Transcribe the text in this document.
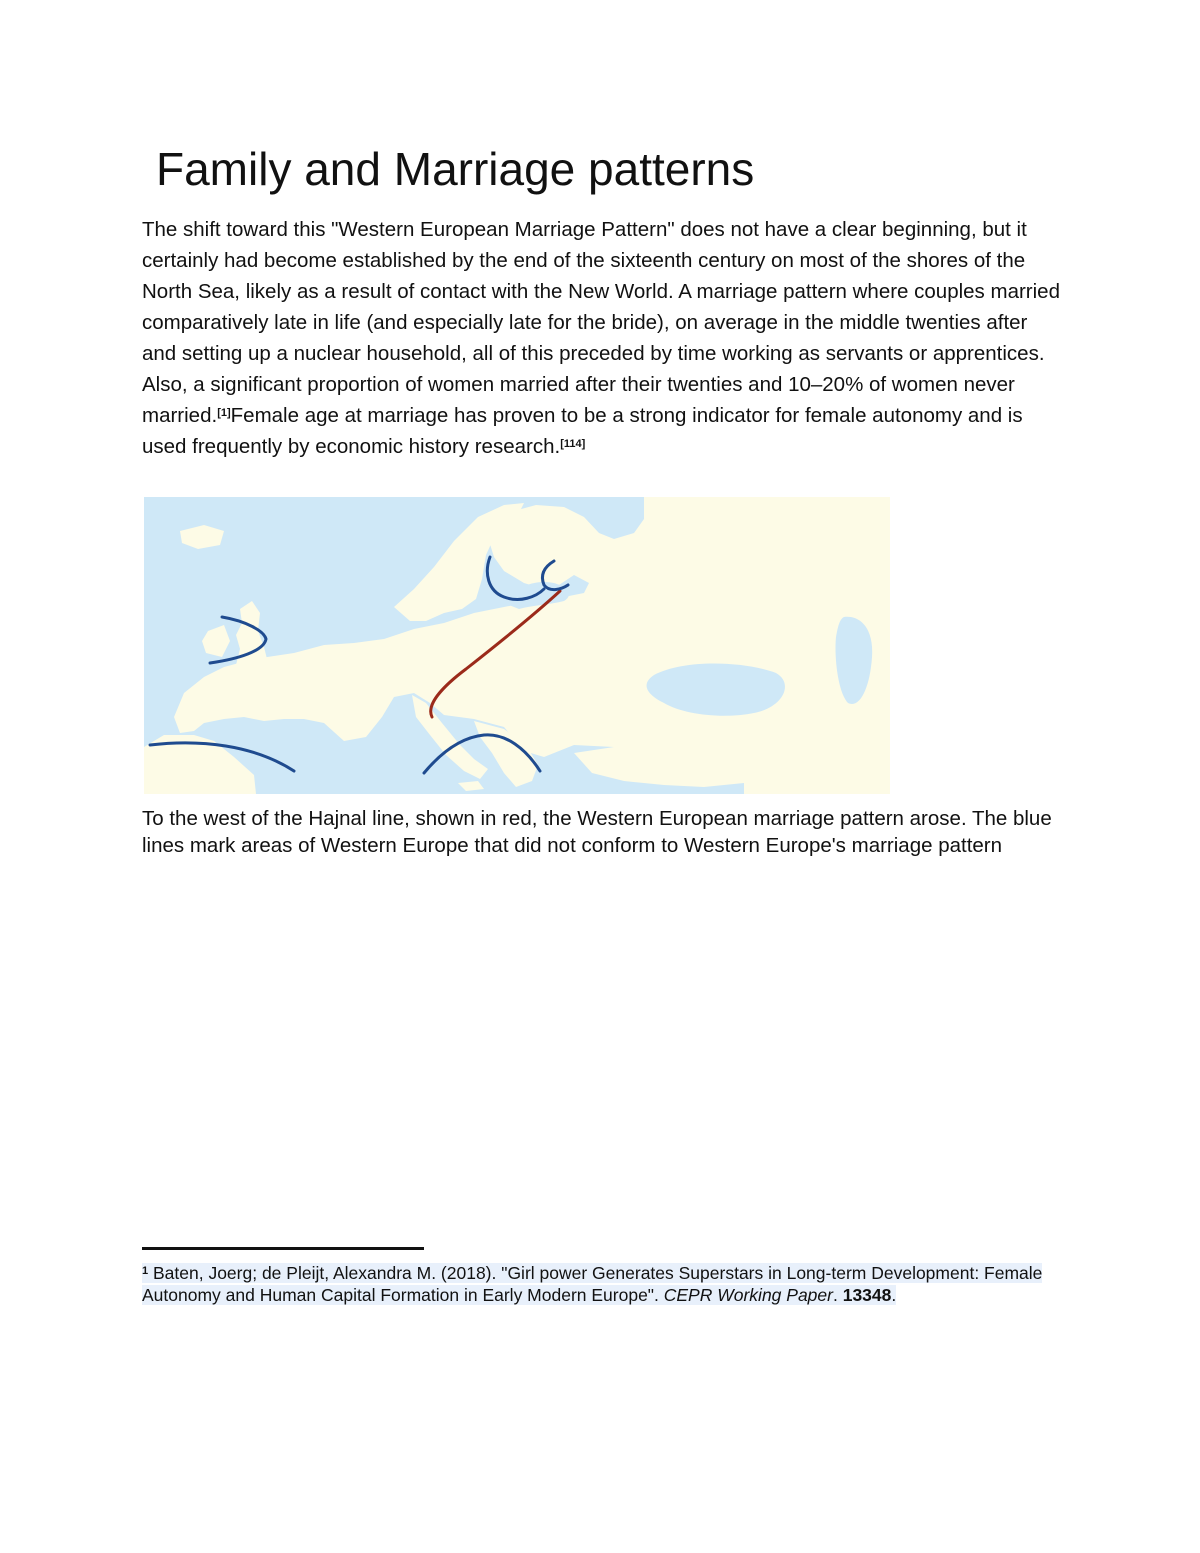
Family and Marriage patterns

The shift toward this "Western European Marriage Pattern" does not have a clear beginning, but it certainly had become established by the end of the sixteenth century on most of the shores of the North Sea, likely as a result of contact with the New World. A marriage pattern where couples married comparatively late in life (and especially late for the bride), on average in the middle twenties after and setting up a nuclear household, all of this preceded by time working as servants or apprentices. Also, a significant proportion of women married after their twenties and 10–20% of women never married.[1]Female age at marriage has proven to be a strong indicator for female autonomy and is used frequently by economic history research.[114]

To the west of the Hajnal line, shown in red, the Western European marriage pattern arose. The blue lines mark areas of Western Europe that did not conform to Western Europe's marriage pattern

$^1$ Baten, Joerg; de Pleijt, Alexandra M. (2018). "Girl power Generates Superstars in Long-term Development: Female Autonomy and Human Capital Formation in Early Modern Europe". CEPR Working Paper. 13348.
